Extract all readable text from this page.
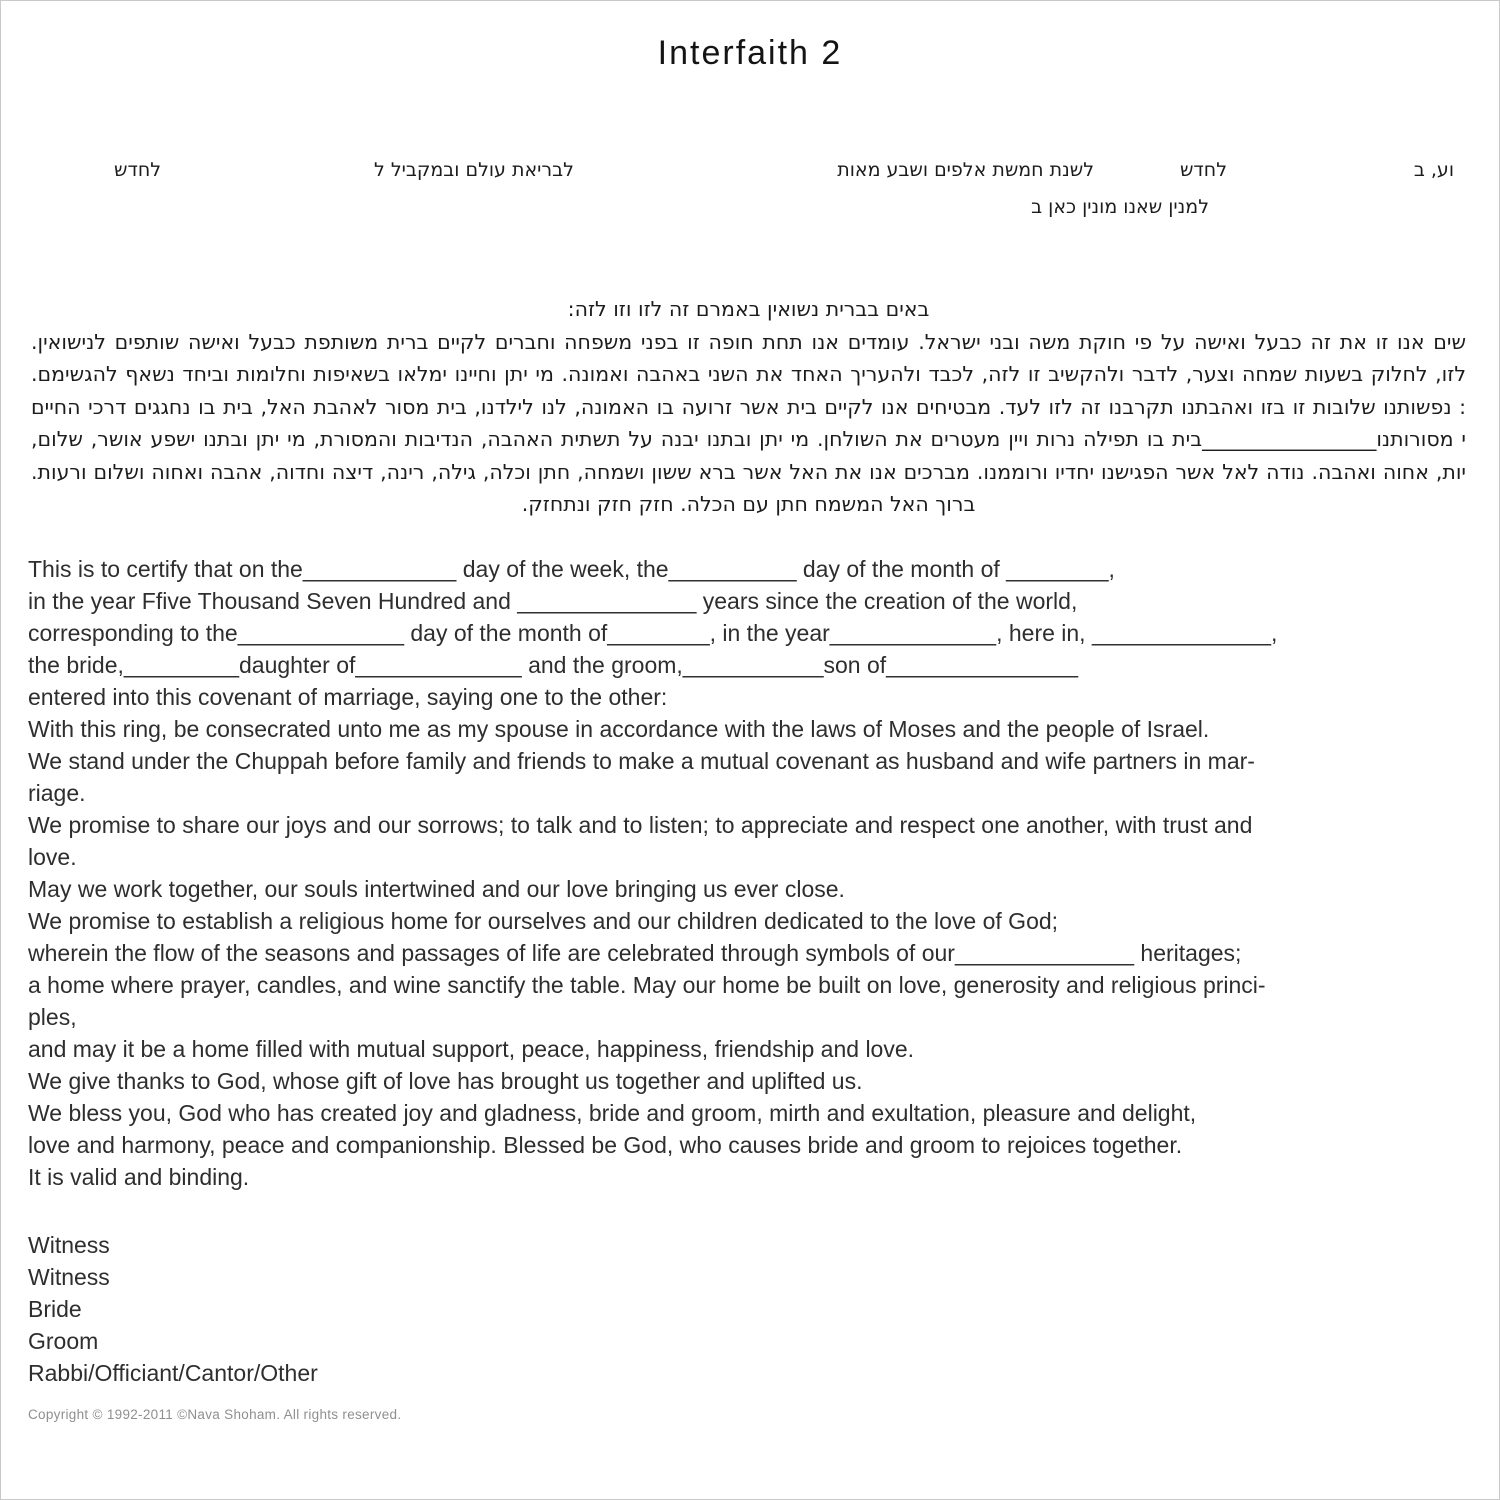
Interfaith 2
וע, ב
לחדש
לשנת חמשת אלפים ושבע מאות
לבריאת עולם ובמקביל ל
לחדש
למנין שאנו מונין כאן ב
באים בברית נשואין באמרם זה לזו וזו לזה:
שים אנו זו את זה כבעל ואישה על פי חוקת משה ובני ישראל. עומדים אנו תחת חופה זו בפני משפחה וחברים לקיים ברית משותפת כבעל ואישה שותפים לנישואין.
לזו, לחלוק בשעות שמחה וצער, לדבר ולהקשיב זו לזה, לכבד ולהעריך האחד את השני באהבה ואמונה. מי יתן וחיינו ימלאו בשאיפות וחלומות וביחד נשאף להגשימם.
: נפשותנו שלובות זו בזו ואהבתנו תקרבנו זה לזו לעד. מבטיחים אנו לקיים בית אשר זרועה בו האמונה, לנו לילדנו, בית מסור לאהבת האל, בית בו נחגגים דרכי החיים
י מסורותנו_________________בית בו תפילה נרות ויין מעטרים את השולחן. מי יתן ובתנו יבנה על תשתית האהבה, הנדיבות והמסורת, מי יתן ובתנו ישפע אושר, שלום,
יות, אחוה ואהבה. נודה לאל אשר הפגישנו יחדיו ורוממנו. מברכים אנו את האל אשר ברא ששון ושמחה, חתן וכלה, גילה, רינה, דיצה וחדוה, אהבה ואחוה ושלום ורעות.
ברוך האל המשמח חתן עם הכלה. חזק חזק ונתחזק.
This is to certify that on the____________ day of the week, the__________ day of the month of ________,
in the year Ffive Thousand Seven Hundred and ______________ years since the creation of the world,
corresponding to the_____________ day of the month of________, in the year_____________, here in, ______________,
the bride,_________daughter of_____________ and the groom,___________son of_______________
entered into this covenant of marriage, saying one to the other:
With this ring, be consecrated unto me as my spouse in accordance with the laws of Moses and the people of Israel.
We stand under the Chuppah before family and friends to make a mutual covenant as husband and wife partners in mar-
riage.
We promise to share our joys and our sorrows; to talk and to listen; to appreciate and respect one another, with trust and
love.
May we work together, our souls intertwined and our love bringing us ever close.
We promise to establish a religious home for ourselves and our children dedicated to the love of God;
wherein the flow of the seasons and passages of life are celebrated through symbols of our______________ heritages;
a home where prayer, candles, and wine sanctify the table. May our home be built on love, generosity and religious princi-
ples,
and may it be a home filled with mutual support, peace, happiness, friendship and love.
We give thanks to God, whose gift of love has brought us together and uplifted us.
We bless you, God who has created joy and gladness, bride and groom, mirth and exultation, pleasure and delight,
love and harmony, peace and companionship. Blessed be God, who causes bride and groom to rejoices together.
It is valid and binding.
Witness
Witness
Bride
Groom
Rabbi/Officiant/Cantor/Other
Copyright © 1992-2011 ©Nava Shoham. All rights reserved.
